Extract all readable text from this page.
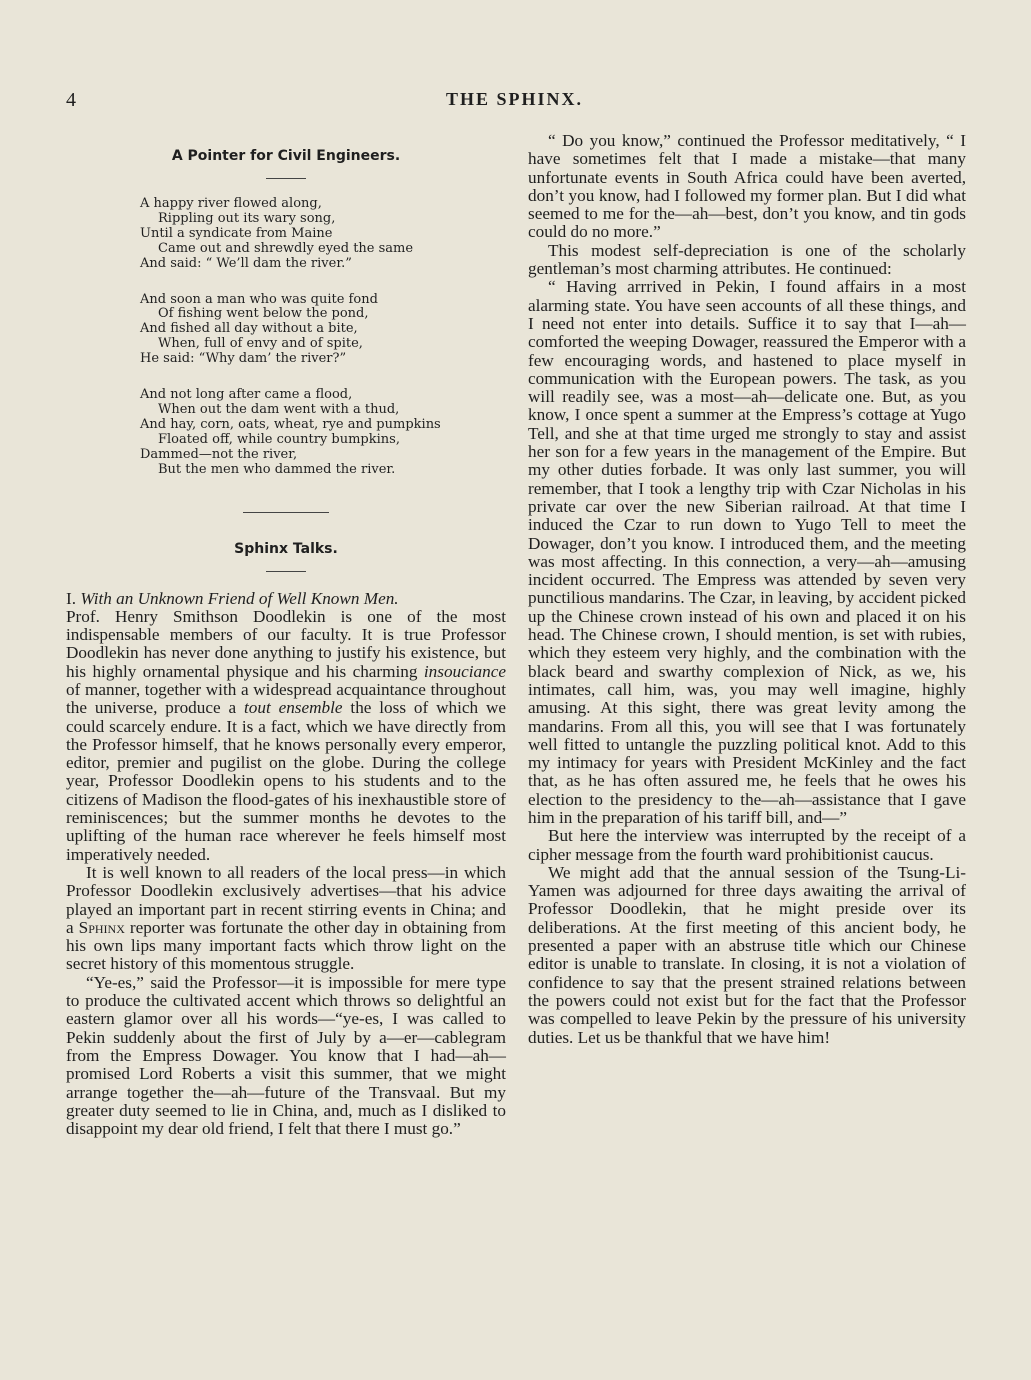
4	THE SPHINX.
A Pointer for Civil Engineers.
A happy river flowed along,
Rippling out its wary song,
Until a syndicate from Maine
Came out and shrewdly eyed the same
And said: “ We’ll dam the river.”
And soon a man who was quite fond
Of fishing went below the pond,
And fished all day without a bite,
When, full of envy and of spite,
He said: “Why dam’ the river?”
And not long after came a flood,
When out the dam went with a thud,
And hay, corn, oats, wheat, rye and pumpkins
Floated off, while country bumpkins,
Dammed—not the river,
But the men who dammed the river.
Sphinx Talks.

I. With an Unknown Friend of Well Known Men.

Prof. Henry Smithson Doodlekin is one of the most indispensable members of our faculty. It is true Professor Doodlekin has never done anything to justify his existence, but his highly ornamental physique and his charming insouciance of manner, together with a widespread acquaintance throughout the universe, produce a tout ensemble the loss of which we could scarcely endure. It is a fact, which we have directly from the Professor himself, that he knows personally every emperor, editor, premier and pugilist on the globe. During the college year, Professor Doodlekin opens to his students and to the citizens of Madison the flood-gates of his inexhaustible store of reminiscences; but the summer months he devotes to the uplifting of the human race wherever he feels himself most imperatively needed.

It is well known to all readers of the local press—in which Professor Doodlekin exclusively advertises—that his advice played an important part in recent stirring events in China; and a Sphinx reporter was fortunate the other day in obtaining from his own lips many important facts which throw light on the secret history of this momentous struggle.

“Ye-es,” said the Professor—it is impossible for mere type to produce the cultivated accent which throws so delightful an eastern glamor over all his words—“ye-es, I was called to Pekin suddenly about the first of July by a—er—cablegram from the Empress Dowager. You know that I had—ah—promised Lord Roberts a visit this summer, that we might arrange together the—ah—future of the Transvaal. But my greater duty seemed to lie in China, and, much as I disliked to disappoint my dear old friend, I felt that there I must go.”

“ Do you know,” continued the Professor meditatively, “ I have sometimes felt that I made a mistake—that many unfortunate events in South Africa could have been averted, don’t you know, had I followed my former plan. But I did what seemed to me for the—ah—best, don’t you know, and tin gods could do no more.”

This modest self-depreciation is one of the scholarly gentleman’s most charming attributes. He continued:

“ Having arrrived in Pekin, I found affairs in a most alarming state. You have seen accounts of all these things, and I need not enter into details. Suffice it to say that I—ah—comforted the weeping Dowager, reassured the Emperor with a few encouraging words, and hastened to place myself in communication with the European powers. The task, as you will readily see, was a most—ah—delicate one. But, as you know, I once spent a summer at the Empress’s cottage at Yugo Tell, and she at that time urged me strongly to stay and assist her son for a few years in the management of the Empire. But my other duties forbade. It was only last summer, you will remember, that I took a lengthy trip with Czar Nicholas in his private car over the new Siberian railroad. At that time I induced the Czar to run down to Yugo Tell to meet the Dowager, don’t you know. I introduced them, and the meeting was most affecting. In this connection, a very—ah—amusing incident occurred. The Empress was attended by seven very punctilious mandarins. The Czar, in leaving, by accident picked up the Chinese crown instead of his own and placed it on his head. The Chinese crown, I should mention, is set with rubies, which they esteem very highly, and the combination with the black beard and swarthy complexion of Nick, as we, his intimates, call him, was, you may well imagine, highly amusing. At this sight, there was great levity among the mandarins. From all this, you will see that I was fortunately well fitted to untangle the puzzling political knot. Add to this my intimacy for years with President McKinley and the fact that, as he has often assured me, he feels that he owes his election to the presidency to the—ah—assistance that I gave him in the preparation of his tariff bill, and—”

But here the interview was interrupted by the receipt of a cipher message from the fourth ward prohibitionist caucus.

We might add that the annual session of the Tsung-Li-Yamen was adjourned for three days awaiting the arrival of Professor Doodlekin, that he might preside over its deliberations. At the first meeting of this ancient body, he presented a paper with an abstruse title which our Chinese editor is unable to translate. In closing, it is not a violation of confidence to say that the present strained relations between the powers could not exist but for the fact that the Professor was compelled to leave Pekin by the pressure of his university duties. Let us be thankful that we have him!
